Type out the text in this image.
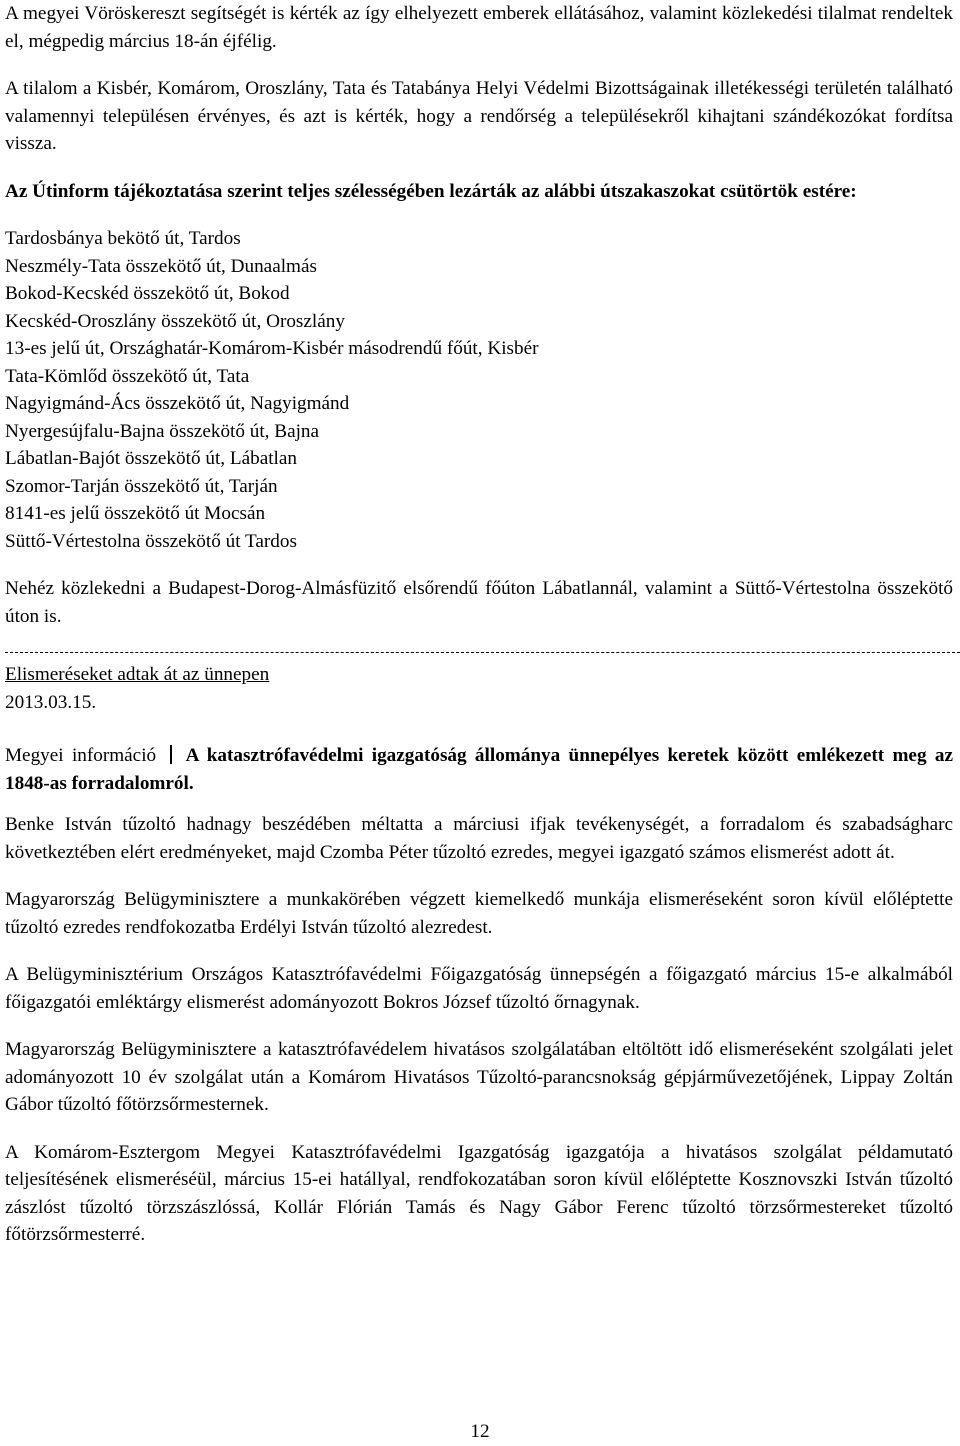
A megyei Vöröskereszt segítségét is kérték az így elhelyezett emberek ellátásához, valamint közlekedési tilalmat rendeltek el, mégpedig március 18-án éjfélig.

A tilalom a Kisbér, Komárom, Oroszlány, Tata és Tatabánya Helyi Védelmi Bizottságainak illetékességi területén található valamennyi településen érvényes, és azt is kérték, hogy a rendőrség a településekről kihajtani szándékozókat fordítsa vissza.

Az Útinform tájékoztatása szerint teljes szélességében lezárták az alábbi útszakaszokat csütörtök estére:

Tardosbánya bekötő út, Tardos
Neszmély-Tata összekötő út, Dunaalmás
Bokod-Kecskéd összekötő út, Bokod
Kecskéd-Oroszlány összekötő út, Oroszlány
13-es jelű út, Országhatár-Komárom-Kisbér másodrendű főút, Kisbér
Tata-Kömlőd összekötő út, Tata
Nagyigmánd-Ács összekötő út, Nagyigmánd
Nyergesújfalu-Bajna összekötő út, Bajna
Lábatlan-Bajót összekötő út, Lábatlan
Szomor-Tarján összekötő út, Tarján
8141-es jelű összekötő út Mocsán
Süttő-Vértestolna összekötő út Tardos

Nehéz közlekedni a Budapest-Dorog-Almásfüzitő elsőrendű főúton Lábatlannál, valamint a Süttő-Vértestolna összekötő úton is.

Elismeréseket adtak át az ünnepen
2013.03.15.

Megyei információ A katasztrófavédelmi igazgatóság állománya ünnepélyes keretek között emlékezett meg az 1848-as forradalomról.

Benke István tűzoltó hadnagy beszédében méltatta a márciusi ifjak tevékenységét, a forradalom és szabadságharc következtében elért eredményeket, majd Czomba Péter tűzoltó ezredes, megyei igazgató számos elismerést adott át.

Magyarország Belügyminisztere a munkakörében végzett kiemelkedő munkája elismeréseként soron kívül előléptette tűzoltó ezredes rendfokozatba Erdélyi István tűzoltó alezredest.

A Belügyminisztérium Országos Katasztrófavédelmi Főigazgatóság ünnepségén a főigazgató március 15-e alkalmából főigazgatói emléktárgy elismerést adományozott Bokros József tűzoltó őrnagynak.

Magyarország Belügyminisztere a katasztrófavédelem hivatásos szolgálatában eltöltött idő elismeréseként szolgálati jelet adományozott 10 év szolgálat után a Komárom Hivatásos Tűzoltó-parancsnokság gépjárművezetőjének, Lippay Zoltán Gábor tűzoltó főtörzsőrmesternek.

A Komárom-Esztergom Megyei Katasztrófavédelmi Igazgatóság igazgatója a hivatásos szolgálat példamutató teljesítésének elismeréséül, március 15-ei hatállyal, rendfokozatában soron kívül előléptette Kosznovszki István tűzoltó zászlóst tűzoltó törzszászlóssá, Kollár Flórián Tamás és Nagy Gábor Ferenc tűzoltó törzsőrmestereket tűzoltó főtörzsőrmesterré.

12
